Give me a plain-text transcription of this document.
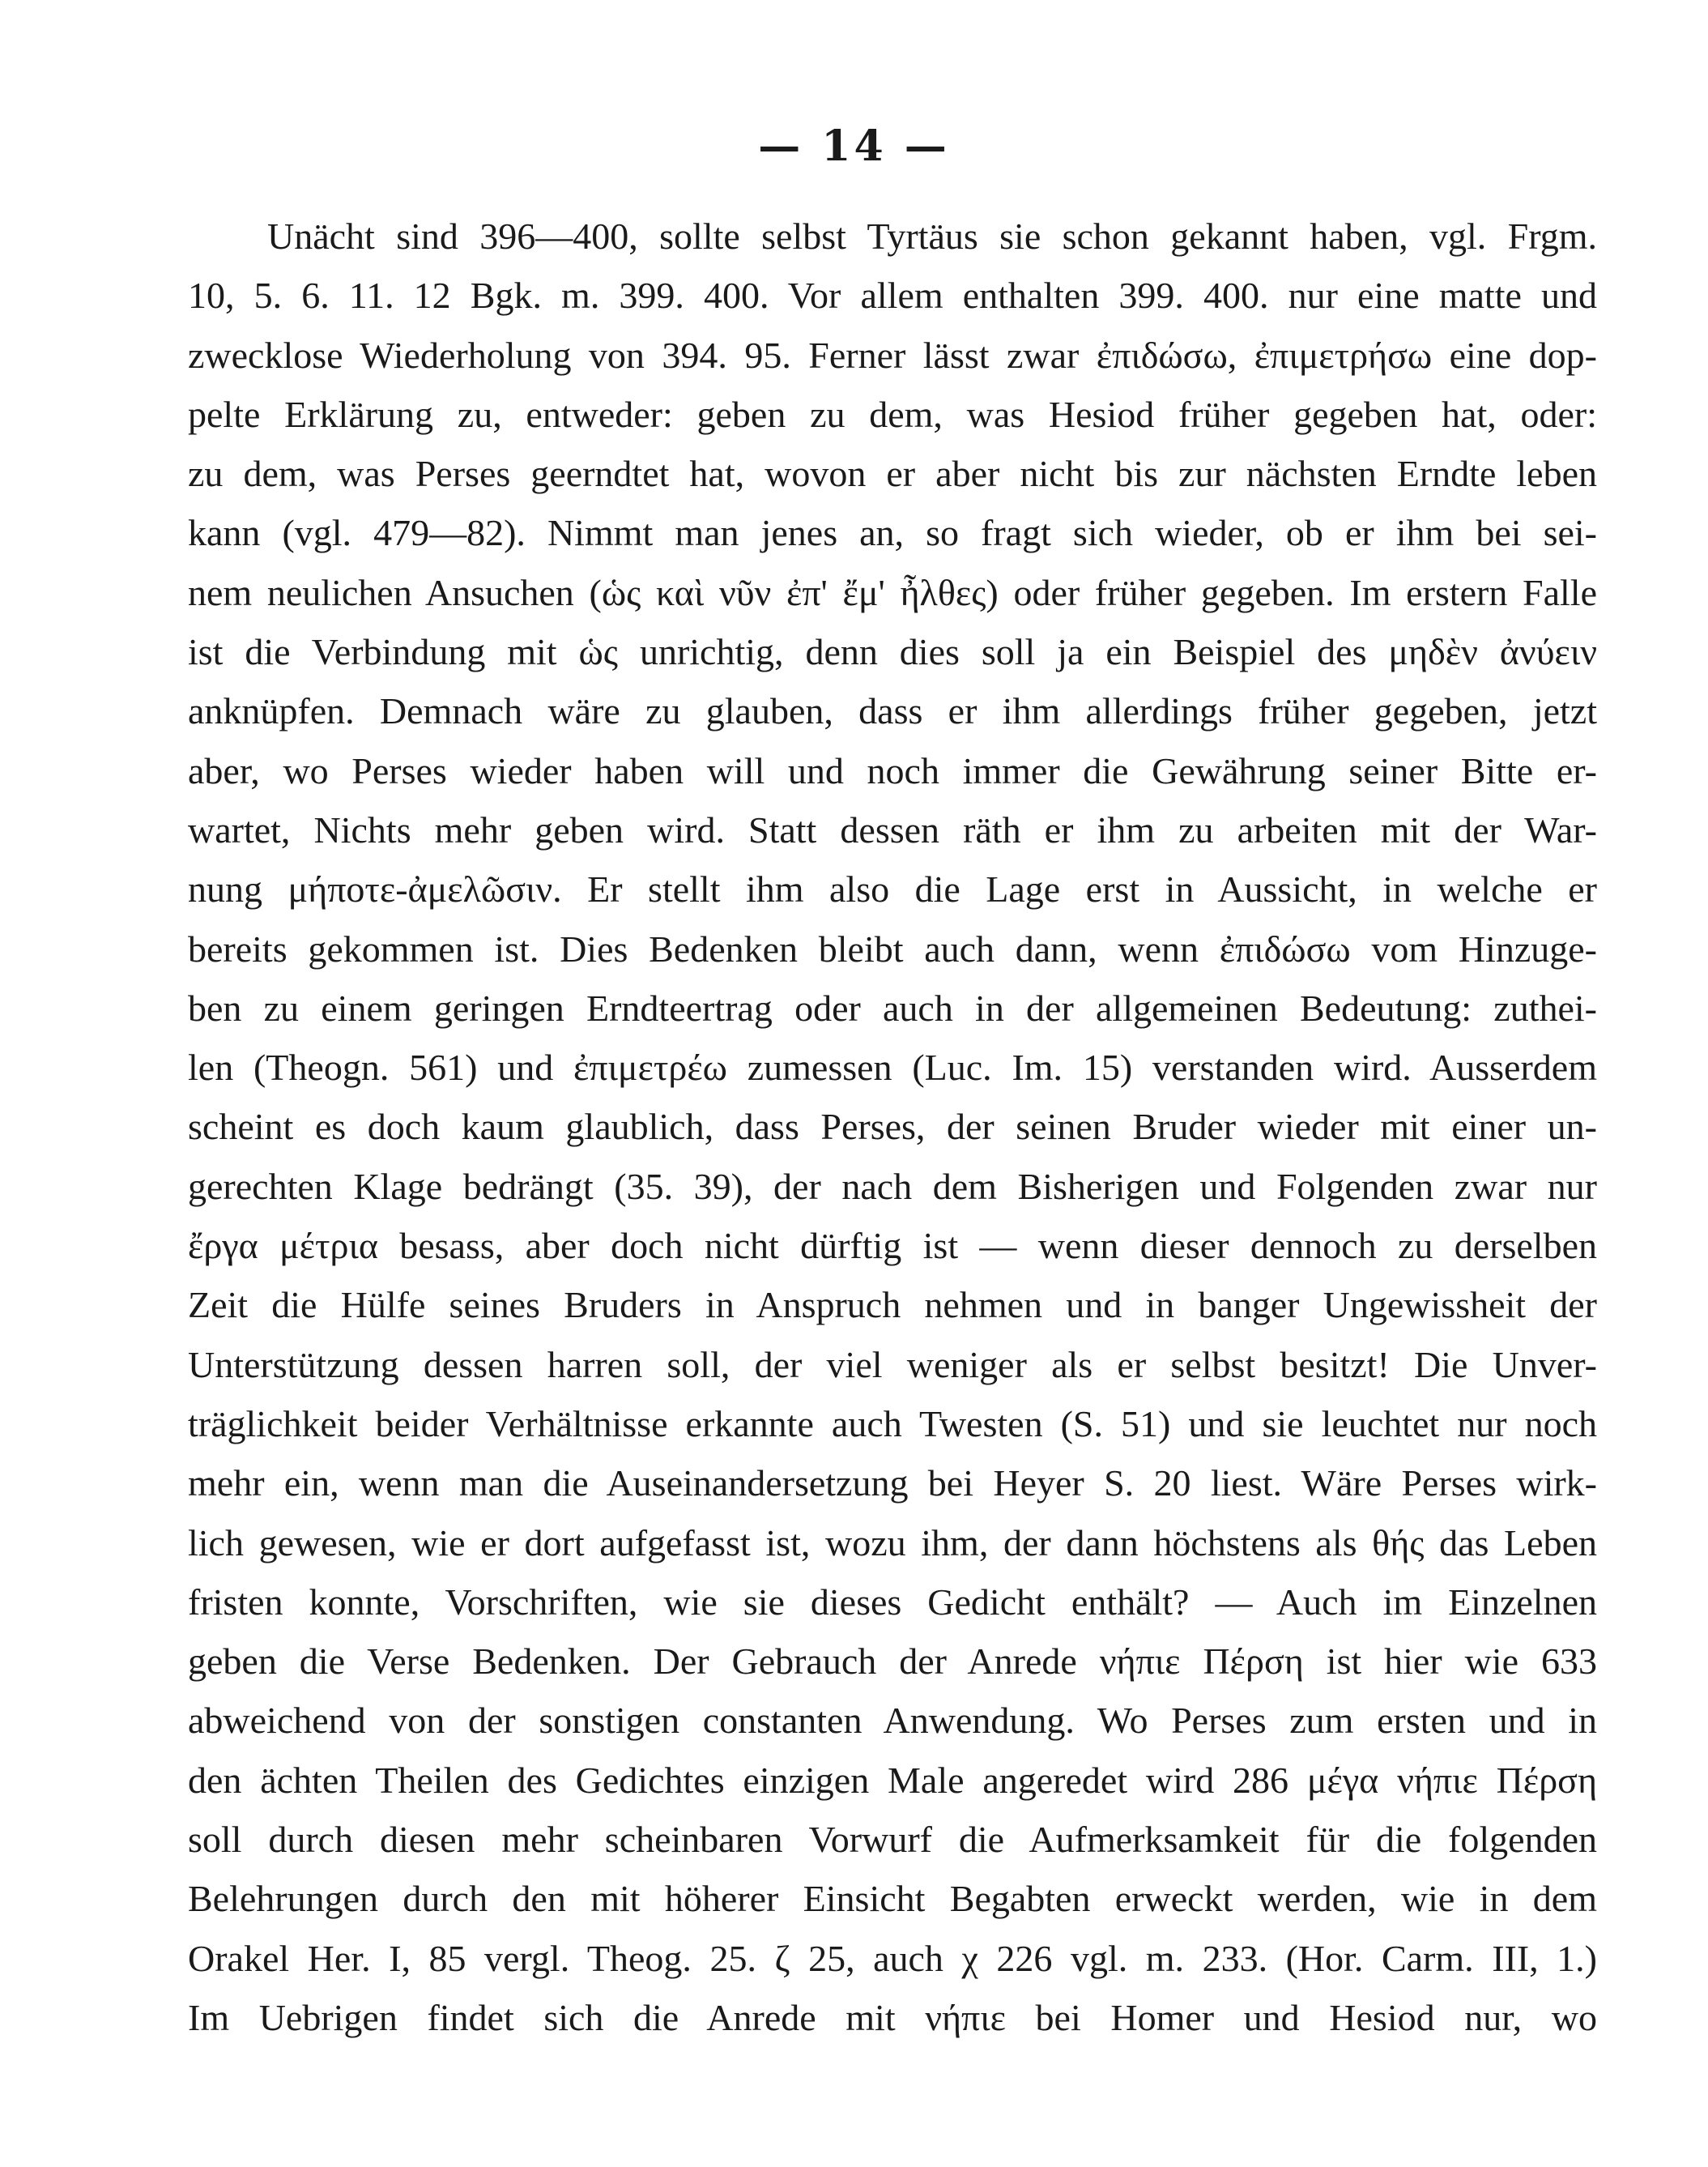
— 14 —
Unächt sind 396—400, sollte selbst Tyrtäus sie schon gekannt haben, vgl. Frgm.
10, 5. 6. 11. 12 Bgk. m. 399. 400. Vor allem enthalten 399. 400. nur eine matte und
zwecklose Wiederholung von 394. 95. Ferner lässt zwar ἐπιδώσω, ἐπιμετρήσω eine dop-
pelte Erklärung zu, entweder: geben zu dem, was Hesiod früher gegeben hat, oder:
zu dem, was Perses geerndtet hat, wovon er aber nicht bis zur nächsten Erndte leben
kann (vgl. 479—82). Nimmt man jenes an, so fragt sich wieder, ob er ihm bei sei-
nem neulichen Ansuchen (ὡς καὶ νῦν ἐπ' ἔμ' ἦλθες) oder früher gegeben. Im erstern Falle
ist die Verbindung mit ὡς unrichtig, denn dies soll ja ein Beispiel des μηδὲν ἀνύειν
anknüpfen. Demnach wäre zu glauben, dass er ihm allerdings früher gegeben, jetzt
aber, wo Perses wieder haben will und noch immer die Gewährung seiner Bitte er-
wartet, Nichts mehr geben wird. Statt dessen räth er ihm zu arbeiten mit der War-
nung μήποτε-ἀμελῶσιν. Er stellt ihm also die Lage erst in Aussicht, in welche er
bereits gekommen ist. Dies Bedenken bleibt auch dann, wenn ἐπιδώσω vom Hinzuge-
ben zu einem geringen Erndteertrag oder auch in der allgemeinen Bedeutung: zuthei-
len (Theogn. 561) und ἐπιμετρέω zumessen (Luc. Im. 15) verstanden wird. Ausserdem
scheint es doch kaum glaublich, dass Perses, der seinen Bruder wieder mit einer un-
gerechten Klage bedrängt (35. 39), der nach dem Bisherigen und Folgenden zwar nur
ἔργα μέτρια besass, aber doch nicht dürftig ist — wenn dieser dennoch zu derselben
Zeit die Hülfe seines Bruders in Anspruch nehmen und in banger Ungewissheit der
Unterstützung dessen harren soll, der viel weniger als er selbst besitzt! Die Unver-
träglichkeit beider Verhältnisse erkannte auch Twesten (S. 51) und sie leuchtet nur noch
mehr ein, wenn man die Auseinandersetzung bei Heyer S. 20 liest. Wäre Perses wirk-
lich gewesen, wie er dort aufgefasst ist, wozu ihm, der dann höchstens als θής das Leben
fristen konnte, Vorschriften, wie sie dieses Gedicht enthält? — Auch im Einzelnen
geben die Verse Bedenken. Der Gebrauch der Anrede νήπιε Πέρση ist hier wie 633
abweichend von der sonstigen constanten Anwendung. Wo Perses zum ersten und in
den ächten Theilen des Gedichtes einzigen Male angeredet wird 286 μέγα νήπιε Πέρση
soll durch diesen mehr scheinbaren Vorwurf die Aufmerksamkeit für die folgenden
Belehrungen durch den mit höherer Einsicht Begabten erweckt werden, wie in dem
Orakel Her. I, 85 vergl. Theog. 25. ζ 25, auch χ 226 vgl. m. 233. (Hor. Carm. III, 1.)
Im Uebrigen findet sich die Anrede mit νήπιε bei Homer und Hesiod nur, wo
